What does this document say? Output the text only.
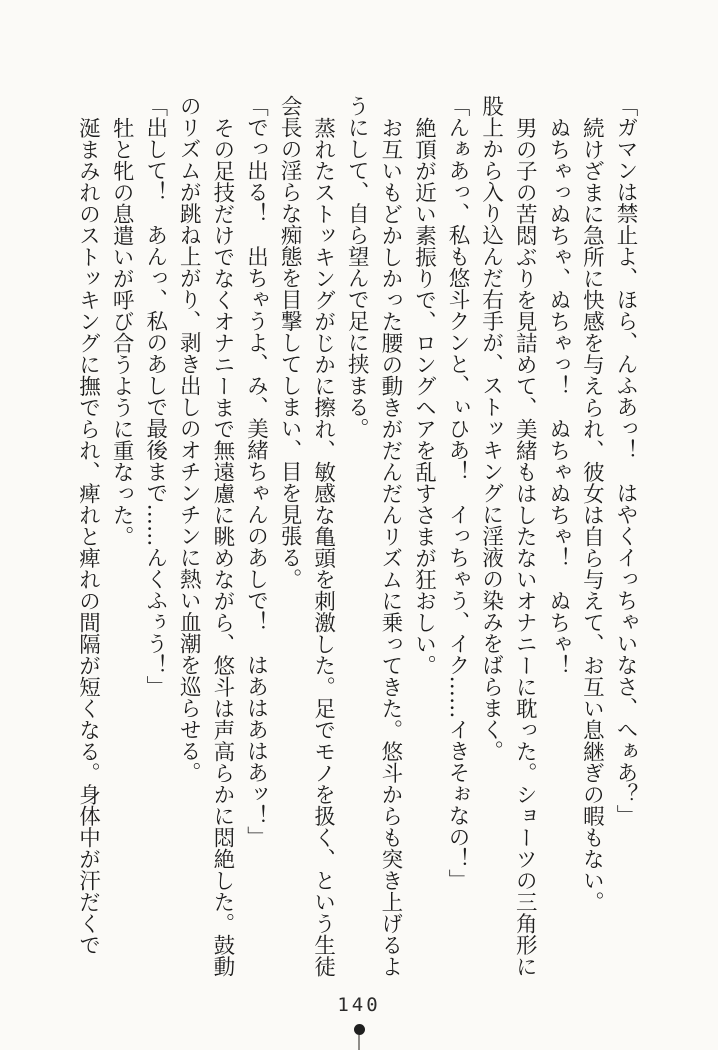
「ガマンは禁止よ、ほら、んふあっ！　はやくイっちゃいなさ、へぁあ？」

続けざまに急所に快感を与えられ、彼女は自ら与えて、お互い息継ぎの暇もない。

ぬちゃっぬちゃ、ぬちゃっ！　ぬちゃぬちゃ！　ぬちゃ！

男の子の苦悶ぶりを見詰めて、美緒もはしたないオナニーに耽った。ショーツの三角形に股上から入り込んだ右手が、ストッキングに淫液の染みをばらまく。

「んぁあっ、私も悠斗クンと、ぃひあ！　イっちゃう、イク……イきそぉなの！」

絶頂が近い素振りで、ロングヘアを乱すさまが狂おしい。

お互いもどかしかった腰の動きがだんだんリズムに乗ってきた。悠斗からも突き上げるようにして、自ら望んで足に挟まる。

蒸れたストッキングがじかに擦れ、敏感な亀頭を刺激した。足でモノを扱く、という生徒会長の淫らな痴態を目撃してしまい、目を見張る。

「でっ出る！　出ちゃうよ、み、美緒ちゃんのあしで！　はあはあはあッ！」

その足技だけでなくオナニーまで無遠慮に眺めながら、悠斗は声高らかに悶絶した。鼓動のリズムが跳ね上がり、剥き出しのオチンチンに熱い血潮を巡らせる。

「出して！　あんっ、私のあしで最後まで……んくふぅう！」

牡と牝の息遣いが呼び合うように重なった。

涎まみれのストッキングに撫でられ、痺れと痺れの間隔が短くなる。身体中が汗だくで

140
